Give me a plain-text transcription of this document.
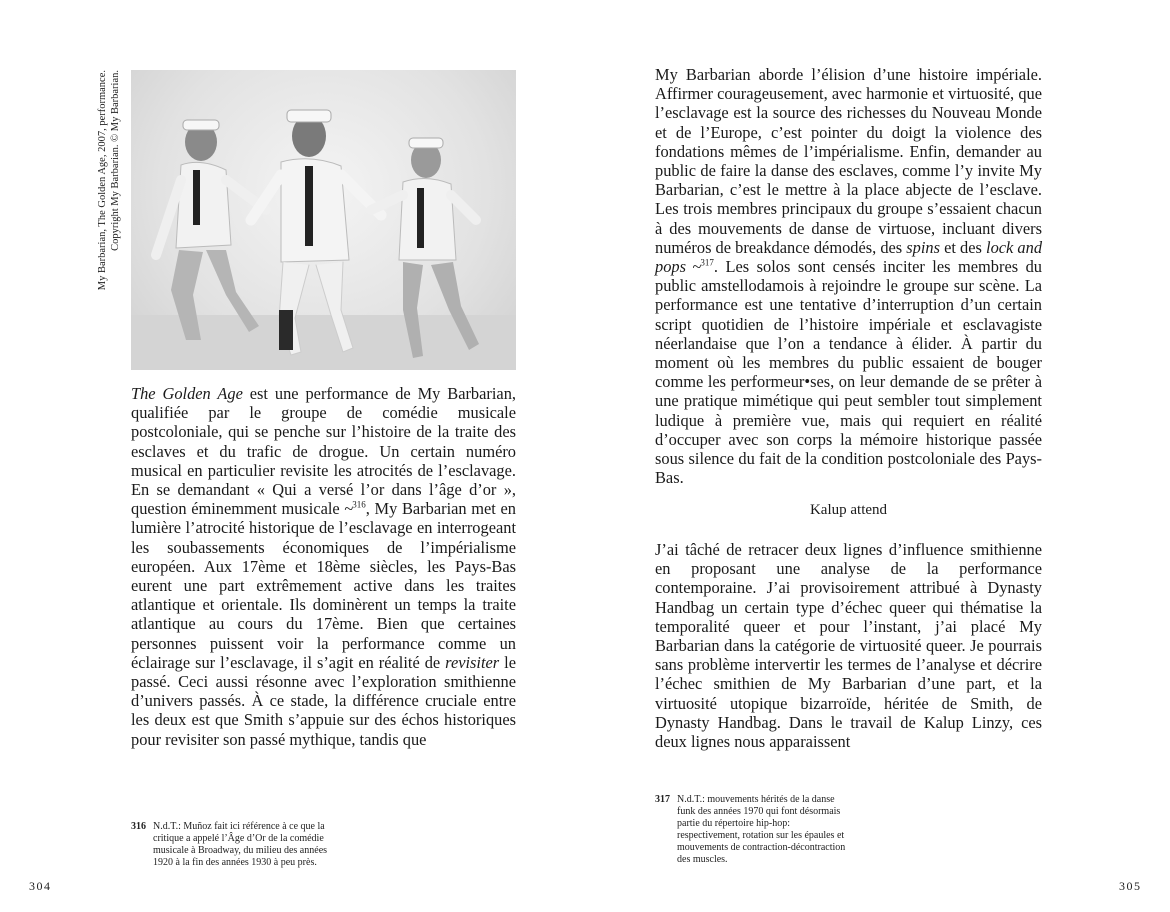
My Barbarian, The Golden Age, 2007, performance. Copyright My Barbarian. © My Barbarian.

The Golden Age est une performance de My Barbarian, qualifiée par le groupe de comédie musicale postcoloniale, qui se penche sur l’histoire de la traite des esclaves et du trafic de drogue. Un certain numéro musical en particulier revisite les atrocités de l’esclavage. En se demandant « Qui a versé l’or dans l’âge d’or », question éminemment musicale ~$^{316}$, My Barbarian met en lumière l’atrocité historique de l’esclavage en interrogeant les soubassements économiques de l’impérialisme européen. Aux 17ème et 18ème siècles, les Pays-Bas eurent une part extrêmement active dans les traites atlantique et orientale. Ils dominèrent un temps la traite atlantique au cours du 17ème. Bien que certaines personnes puissent voir la performance comme un éclairage sur l’esclavage, il s’agit en réalité de revisiter le passé. Ceci aussi résonne avec l’exploration smithienne d’univers passés. À ce stade, la différence cruciale entre les deux est que Smith s’appuie sur des échos historiques pour revisiter son passé mythique, tandis que

316 N.d.T.: Muñoz fait ici référence à ce que la critique a appelé l’Âge d’Or de la comédie musicale à Broadway, du milieu des années 1920 à la fin des années 1930 à peu près.
304

My Barbarian aborde l’élision d’une histoire impériale. Affirmer courageusement, avec harmonie et virtuosité, que l’esclavage est la source des richesses du Nouveau Monde et de l’Europe, c’est pointer du doigt la violence des fondations mêmes de l’impérialisme. Enfin, demander au public de faire la danse des esclaves, comme l’y invite My Barbarian, c’est le mettre à la place abjecte de l’esclave. Les trois membres principaux du groupe s’essaient chacun à des mouvements de danse de virtuose, incluant divers numéros de breakdance démodés, des spins et des lock and pops ~$^{317}$. Les solos sont censés inciter les membres du public amstellodamois à rejoindre le groupe sur scène. La performance est une tentative d’interruption d’un certain script quotidien de l’histoire impériale et esclavagiste néerlandaise que l’on a tendance à élider. À partir du moment où les membres du public essaient de bouger comme les performeur•ses, on leur demande de se prêter à une pratique mimétique qui peut sembler tout simplement ludique à première vue, mais qui requiert en réalité d’occuper avec son corps la mémoire historique passée sous silence du fait de la condition postcoloniale des Pays-Bas.

Kalup attend

J’ai tâché de retracer deux lignes d’influence smithienne en proposant une analyse de la performance contemporaine. J’ai provisoirement attribué à Dynasty Handbag un certain type d’échec queer qui thématise la temporalité queer et pour l’instant, j’ai placé My Barbarian dans la catégorie de virtuosité queer. Je pourrais sans problème intervertir les termes de l’analyse et décrire l’échec smithien de My Barbarian d’une part, et la virtuosité utopique bizarroïde, héritée de Smith, de Dynasty Handbag. Dans le travail de Kalup Linzy, ces deux lignes nous apparaissent

317 N.d.T.: mouvements hérités de la danse funk des années 1970 qui font désormais partie du répertoire hip-hop: respectivement, rotation sur les épaules et mouvements de contraction-décontraction des muscles.
305
